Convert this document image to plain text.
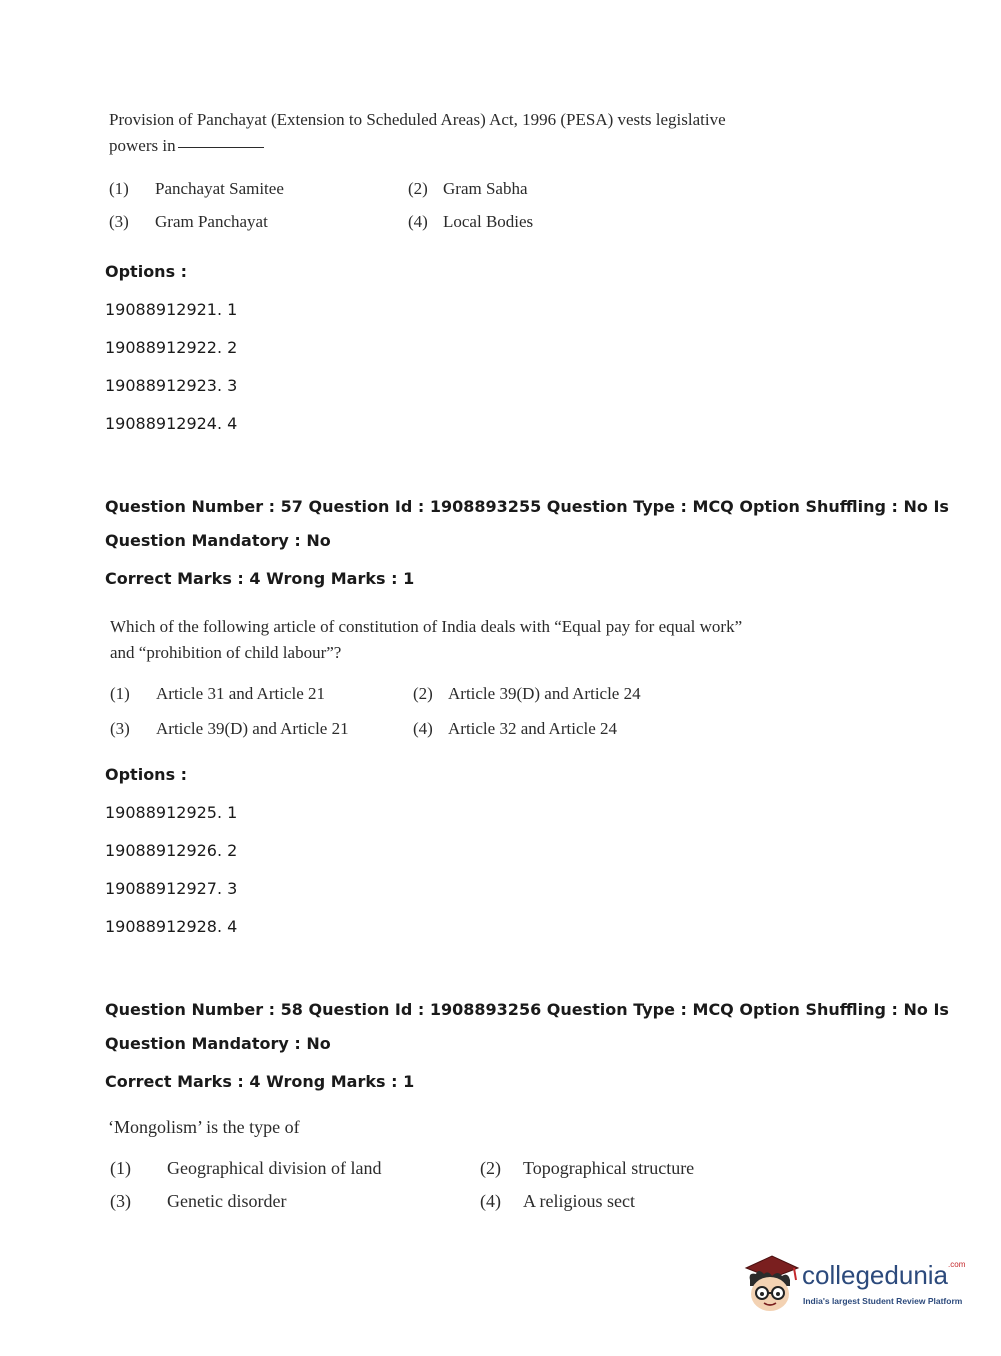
Provision of Panchayat (Extension to Scheduled Areas) Act, 1996 (PESA) vests legislative
powers in
(1) Panchayat Samitee	(2) Gram Sabha
(3) Gram Panchayat	(4) Local Bodies
Options :
19088912921. 1
19088912922. 2
19088912923. 3
19088912924. 4
Question Number : 57 Question Id : 1908893255 Question Type : MCQ Option Shuffling : No Is
Question Mandatory : No
Correct Marks : 4 Wrong Marks : 1
Which of the following article of constitution of India deals with “Equal pay for equal work”
and “prohibition of child labour”?
(1) Article 31 and Article 21	(2) Article 39(D) and Article 24
(3) Article 39(D) and Article 21	(4) Article 32 and Article 24
Options :
19088912925. 1
19088912926. 2
19088912927. 3
19088912928. 4
Question Number : 58 Question Id : 1908893256 Question Type : MCQ Option Shuffling : No Is
Question Mandatory : No
Correct Marks : 4 Wrong Marks : 1
‘Mongolism’ is the type of
(1) Geographical division of land	(2) Topographical structure
(3) Genetic disorder	(4) A religious sect
collegedunia$^{.com}$
India's largest Student Review Platform
